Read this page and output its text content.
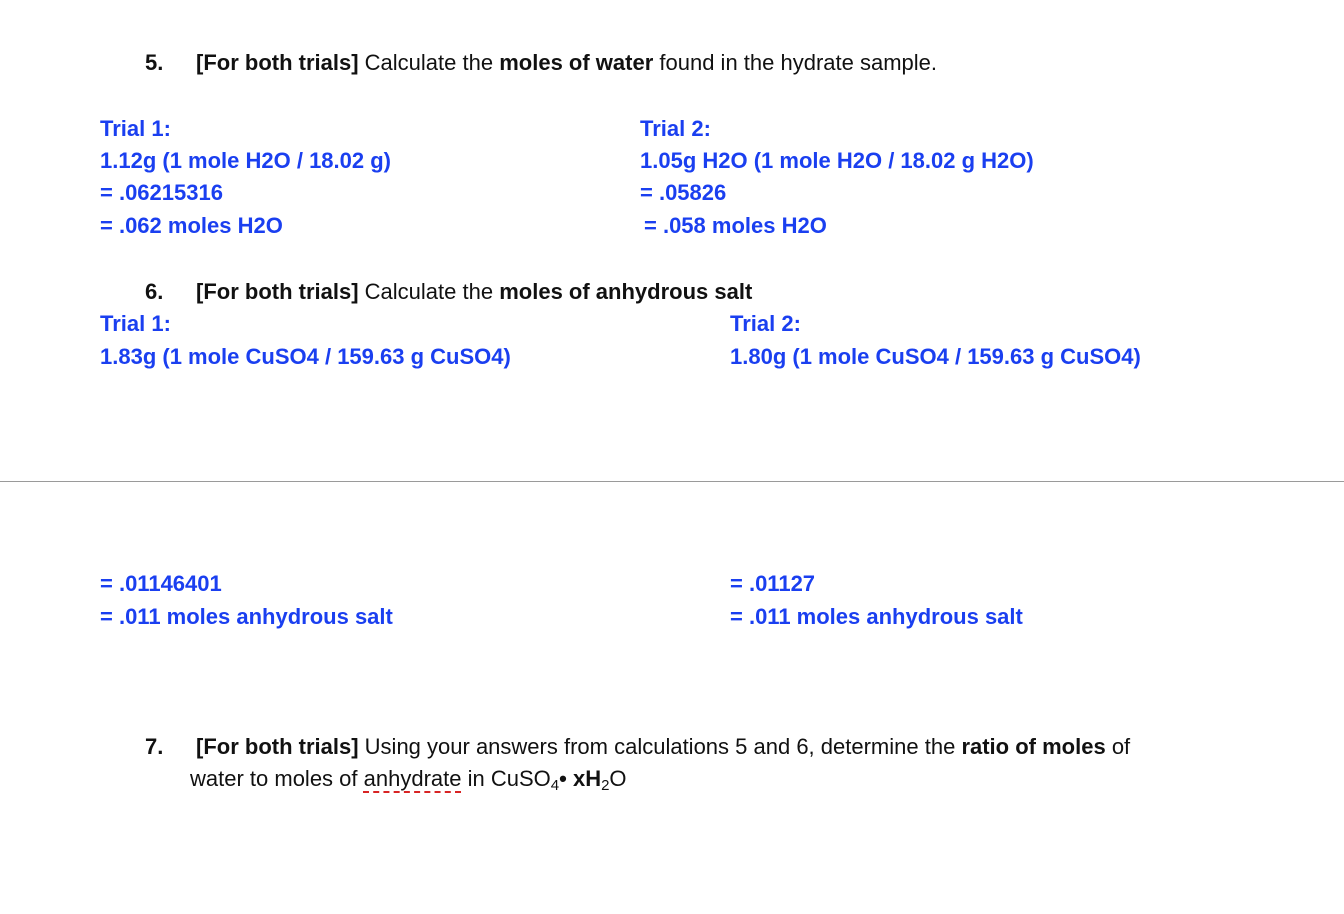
5. [For both trials] Calculate the moles of water found in the hydrate sample.
Trial 1:
1.12g (1 mole H2O / 18.02 g)
= .06215316
= .062 moles H2O
Trial 2:
1.05g H2O (1 mole H2O / 18.02 g H2O)
= .05826
= .058 moles H2O
6. [For both trials] Calculate the moles of anhydrous salt
Trial 1:
1.83g (1 mole CuSO4 / 159.63 g CuSO4)
Trial 2:
1.80g (1 mole CuSO4 / 159.63 g CuSO4)
= .01146401
= .011 moles anhydrous salt
= .01127
= .011 moles anhydrous salt
7. [For both trials] Using your answers from calculations 5 and 6, determine the ratio of moles of
water to moles of anhydrate in CuSO$_4$• $xH_2O$
